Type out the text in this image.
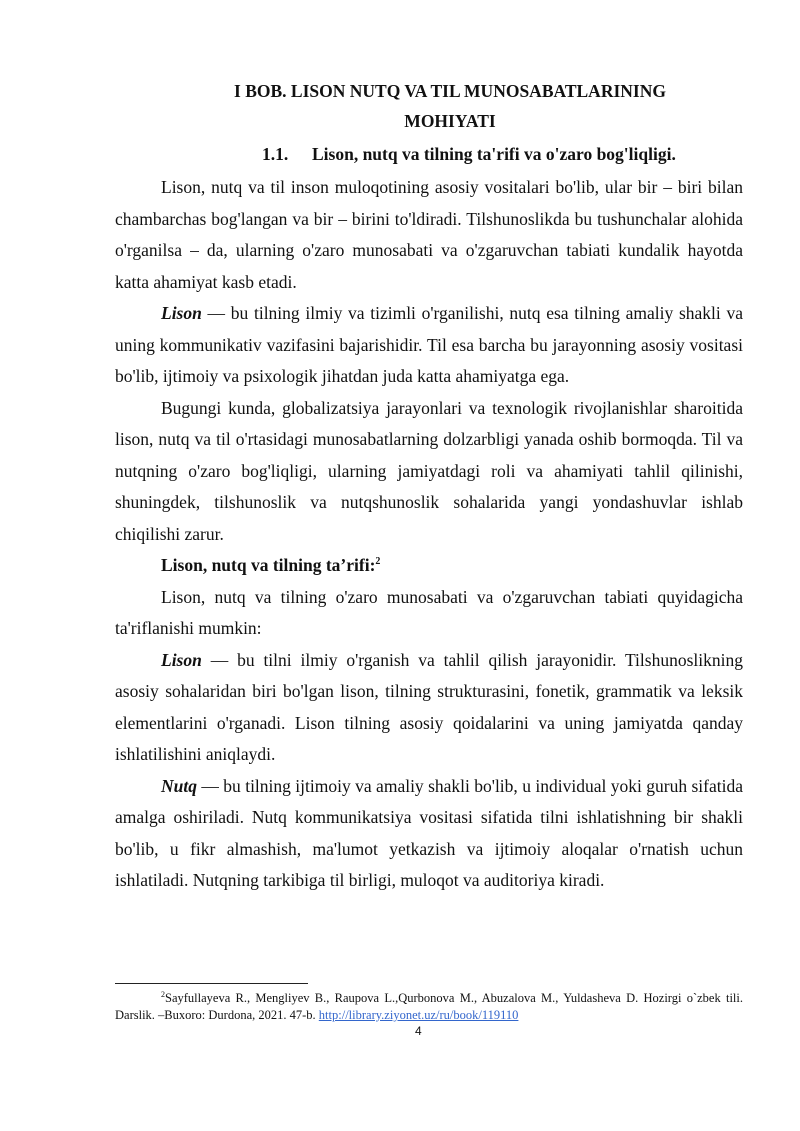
I BOB. LISON NUTQ VA TIL MUNOSABATLARINING MOHIYATI
1.1. Lison, nutq va tilning ta'rifi va o'zaro bog'liqligi.

Lison, nutq va til inson muloqotining asosiy vositalari bo'lib, ular bir – biri bilan chambarchas bog'langan va bir – birini to'ldiradi. Tilshunoslikda bu tushunchalar alohida o'rganilsa – da, ularning o'zaro munosabati va o'zgaruvchan tabiati kundalik hayotda katta ahamiyat kasb etadi.

Lison — bu tilning ilmiy va tizimli o'rganilishi, nutq esa tilning amaliy shakli va uning kommunikativ vazifasini bajarishidir. Til esa barcha bu jarayonning asosiy vositasi bo'lib, ijtimoiy va psixologik jihatdan juda katta ahamiyatga ega.

Bugungi kunda, globalizatsiya jarayonlari va texnologik rivojlanishlar sharoitida lison, nutq va til o'rtasidagi munosabatlarning dolzarbligi yanada oshib bormoqda. Til va nutqning o'zaro bog'liqligi, ularning jamiyatdagi roli va ahamiyati tahlil qilinishi, shuningdek, tilshunoslik va nutqshunoslik sohalarida yangi yondashuvlar ishlab chiqilishi zarur.

Lison, nutq va tilning ta’rifi:$^2$

Lison, nutq va tilning o'zaro munosabati va o'zgaruvchan tabiati quyidagicha ta'riflanishi mumkin:

Lison — bu tilni ilmiy o'rganish va tahlil qilish jarayonidir. Tilshunoslikning asosiy sohalaridan biri bo'lgan lison, tilning strukturasini, fonetik, grammatik va leksik elementlarini o'rganadi. Lison tilning asosiy qoidalarini va uning jamiyatda qanday ishlatilishini aniqlaydi.

Nutq — bu tilning ijtimoiy va amaliy shakli bo'lib, u individual yoki guruh sifatida amalga oshiriladi. Nutq kommunikatsiya vositasi sifatida tilni ishlatishning bir shakli bo'lib, u fikr almashish, ma'lumot yetkazish va ijtimoiy aloqalar o'rnatish uchun ishlatiladi. Nutqning tarkibiga til birligi, muloqot va auditoriya kiradi.

$^2$Sayfullayeva R., Mengliyev B., Raupova L.,Qurbonova M., Abuzalova M., Yuldasheva D. Hozirgi o`zbek tili. Darslik. –Buxoro: Durdona, 2021. 47-b. http://library.ziyonet.uz/ru/book/119110
4
